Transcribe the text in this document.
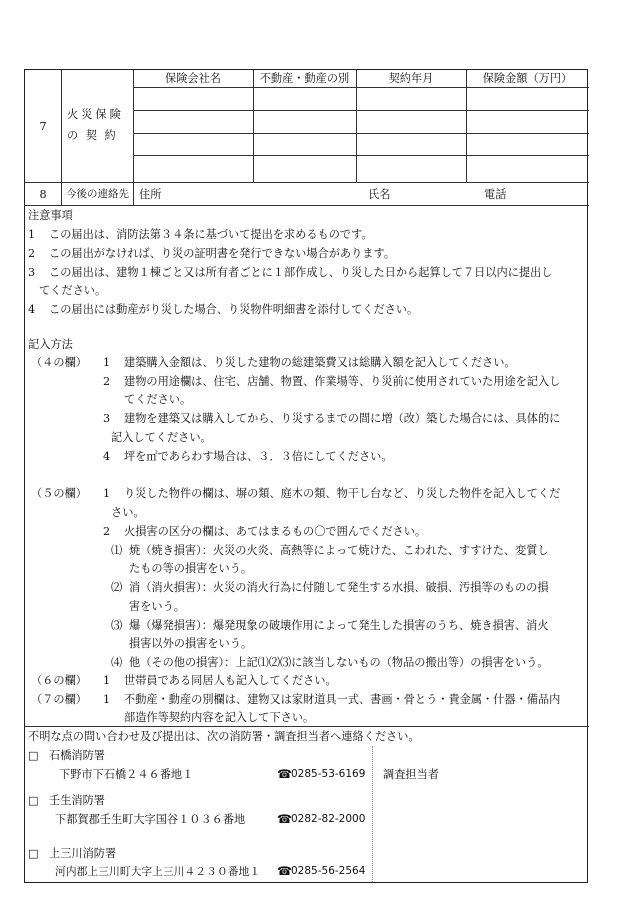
7
火災保険
の 契 約
保険会社名	不動産・動産の別	契約年月	保険金額（万円）
8	今後の連絡先 住所	氏名	電話
注意事項
1 この届出は、消防法第３４条に基づいて提出を求めるものです。
2 この届出がなければ、り災の証明書を発行できない場合があります。
3 この届出は、建物１棟ごと又は所有者ごとに１部作成し、り災した日から起算して７日以内に提出し
てください。
4 この届出には動産がり災した場合、り災物件明細書を添付してください。
記入方法
（４の欄） 1 建築購入金額は、り災した建物の総建築費又は総購入額を記入してください。
2 建物の用途欄は、住宅、店舗、物置、作業場等、り災前に使用されていた用途を記入し
てください。
3 建物を建築又は購入してから、り災するまでの間に増（改）築した場合には、具体的に
記入してください。
4 坪を㎡であらわす場合は、３．３倍にしてください。
（５の欄） 1 り災した物件の欄は、塀の類、庭木の類、物干し台など、り災した物件を記入してくだ
さい。
2 火損害の区分の欄は、あてはまるもの〇で囲んでください。
⑴ 焼（焼き損害）：火災の火炎、高熱等によって焼けた、こわれた、すすけた、変質し
たもの等の損害をいう。
⑵ 消（消火損害）：火災の消火行為に付随して発生する水損、破損、汚損等のものの損
害をいう。
⑶ 爆（爆発損害）：爆発現象の破壊作用によって発生した損害のうち、焼き損害、消火
損害以外の損害をいう。
⑷ 他（その他の損害）：上記⑴⑵⑶に該当しないもの（物品の搬出等）の損害をいう。
（６の欄） 1 世帯員である同居人も記入してください。
（７の欄） 1 不動産・動産の別欄は、建物又は家財道具一式、書画・骨とう・貴金属・什器・備品内
部造作等契約内容を記入して下さい。
不明な点の問い合わせ及び提出は、次の消防署・調査担当者へ連絡ください。
□ 石橋消防署
下野市下石橋２４６番地１	☎ 0285-53-6169 調査担当者
□ 壬生消防署
下都賀郡壬生町大字国谷１０３６番地	☎ 0282-82-2000
□ 上三川消防署
河内郡上三川町大字上三川４２３０番地１ ☎ 0285-56-2564
